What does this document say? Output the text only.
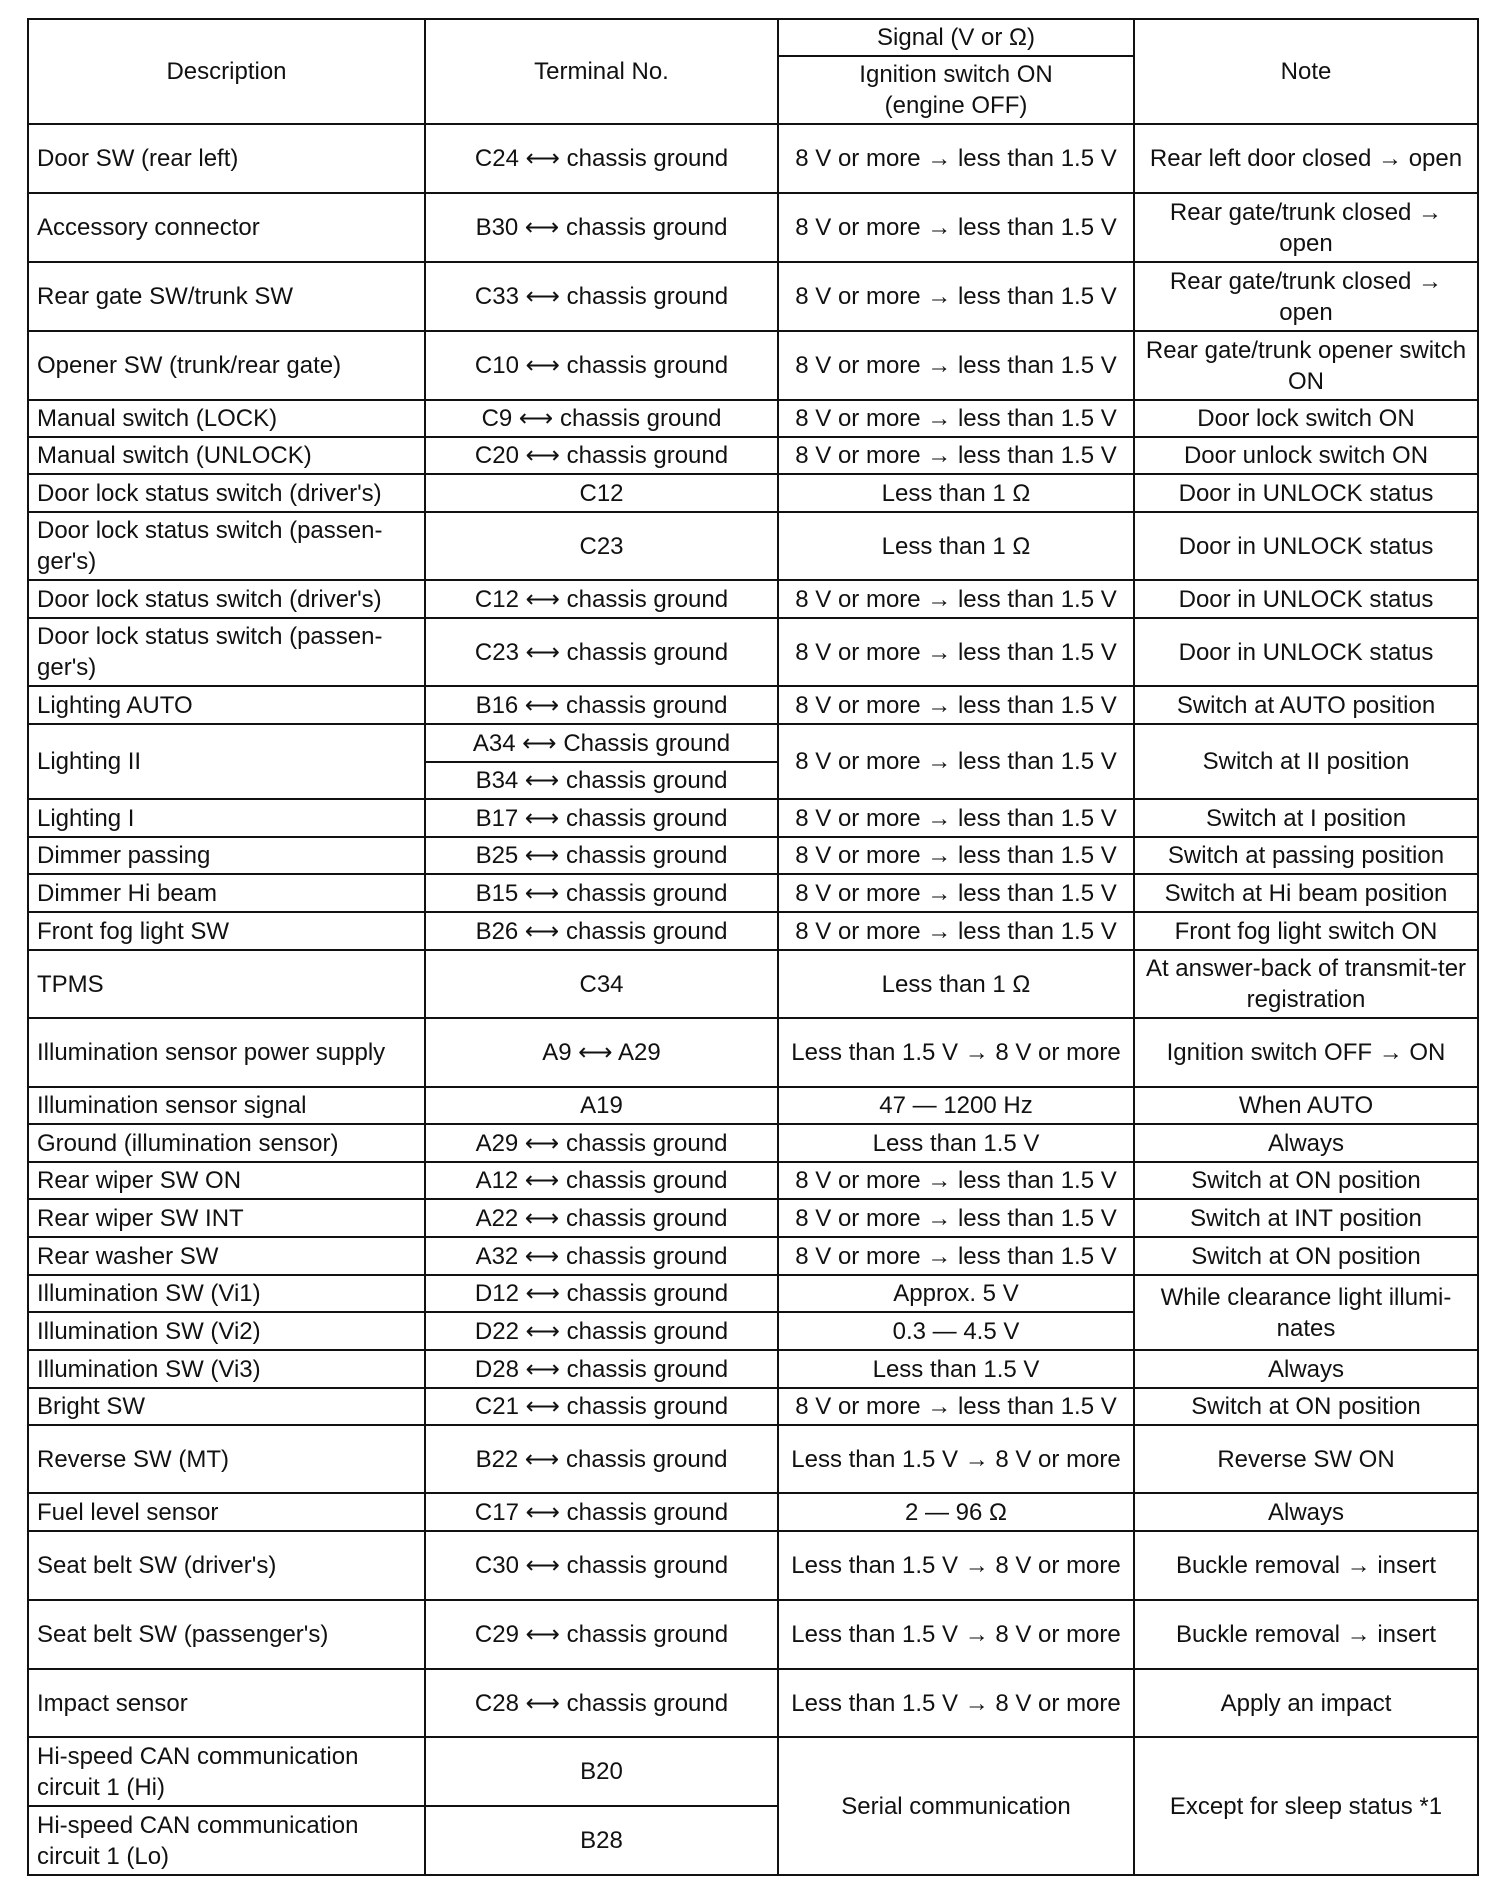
Description	Terminal No.	Signal (V or Ω)	Note
		Ignition switch ON
(engine OFF)	
Door SW (rear left)	C24 ⟷ chassis ground	8 V or more → less than 1.5 V	Rear left door closed → open
Accessory connector	B30 ⟷ chassis ground	8 V or more → less than 1.5 V	Rear gate/trunk closed → open
Rear gate SW/trunk SW	C33 ⟷ chassis ground	8 V or more → less than 1.5 V	Rear gate/trunk closed → open
Opener SW (trunk/rear gate)	C10 ⟷ chassis ground	8 V or more → less than 1.5 V	Rear gate/trunk opener switch ON
Manual switch (LOCK)	C9 ⟷ chassis ground	8 V or more → less than 1.5 V	Door lock switch ON
Manual switch (UNLOCK)	C20 ⟷ chassis ground	8 V or more → less than 1.5 V	Door unlock switch ON
Door lock status switch (driver's)	C12	Less than 1 Ω	Door in UNLOCK status
Door lock status switch (passen-ger's)	C23	Less than 1 Ω	Door in UNLOCK status
Door lock status switch (driver's)	C12 ⟷ chassis ground	8 V or more → less than 1.5 V	Door in UNLOCK status
Door lock status switch (passen-ger's)	C23 ⟷ chassis ground	8 V or more → less than 1.5 V	Door in UNLOCK status
Lighting AUTO	B16 ⟷ chassis ground	8 V or more → less than 1.5 V	Switch at AUTO position
Lighting II	A34 ⟷ Chassis ground	8 V or more → less than 1.5 V	Switch at II position
	B34 ⟷ chassis ground		
Lighting I	B17 ⟷ chassis ground	8 V or more → less than 1.5 V	Switch at I position
Dimmer passing	B25 ⟷ chassis ground	8 V or more → less than 1.5 V	Switch at passing position
Dimmer Hi beam	B15 ⟷ chassis ground	8 V or more → less than 1.5 V	Switch at Hi beam position
Front fog light SW	B26 ⟷ chassis ground	8 V or more → less than 1.5 V	Front fog light switch ON
TPMS	C34	Less than 1 Ω	At answer-back of transmit-ter registration
Illumination sensor power supply	A9 ⟷ A29	Less than 1.5 V → 8 V or more	Ignition switch OFF → ON
Illumination sensor signal	A19	47 — 1200 Hz	When AUTO
Ground (illumination sensor)	A29 ⟷ chassis ground	Less than 1.5 V	Always
Rear wiper SW ON	A12 ⟷ chassis ground	8 V or more → less than 1.5 V	Switch at ON position
Rear wiper SW INT	A22 ⟷ chassis ground	8 V or more → less than 1.5 V	Switch at INT position
Rear washer SW	A32 ⟷ chassis ground	8 V or more → less than 1.5 V	Switch at ON position
Illumination SW (Vi1)	D12 ⟷ chassis ground	Approx. 5 V	While clearance light illumi-nates
Illumination SW (Vi2)	D22 ⟷ chassis ground	0.3 — 4.5 V	
Illumination SW (Vi3)	D28 ⟷ chassis ground	Less than 1.5 V	Always
Bright SW	C21 ⟷ chassis ground	8 V or more → less than 1.5 V	Switch at ON position
Reverse SW (MT)	B22 ⟷ chassis ground	Less than 1.5 V → 8 V or more	Reverse SW ON
Fuel level sensor	C17 ⟷ chassis ground	2 — 96 Ω	Always
Seat belt SW (driver's)	C30 ⟷ chassis ground	Less than 1.5 V → 8 V or more	Buckle removal → insert
Seat belt SW (passenger's)	C29 ⟷ chassis ground	Less than 1.5 V → 8 V or more	Buckle removal → insert
Impact sensor	C28 ⟷ chassis ground	Less than 1.5 V → 8 V or more	Apply an impact
Hi-speed CAN communication circuit 1 (Hi)	B20	Serial communication	Except for sleep status *1
Hi-speed CAN communication circuit 1 (Lo)	B28		
